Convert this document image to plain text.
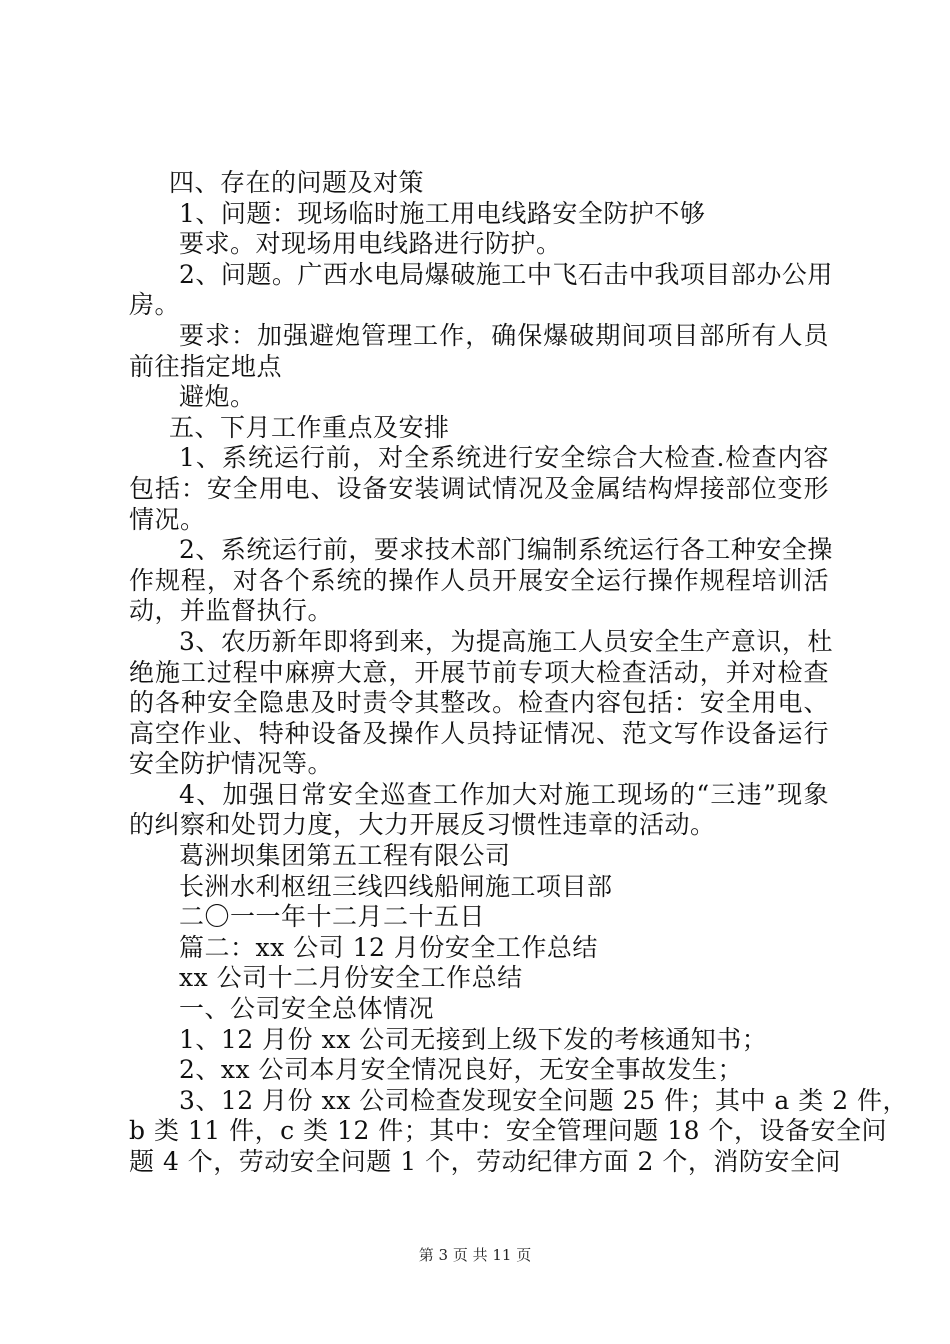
四、存在的问题及对策
1、问题：现场临时施工用电线路安全防护不够
要求。对现场用电线路进行防护。
2、问题。广西水电局爆破施工中飞石击中我项目部办公用
房。
要求：加强避炮管理工作，确保爆破期间项目部所有人员
前往指定地点
避炮。
五、下月工作重点及安排
1、系统运行前，对全系统进行安全综合大检查.检查内容
包括：安全用电、设备安装调试情况及金属结构焊接部位变形
情况。
2、系统运行前，要求技术部门编制系统运行各工种安全操
作规程，对各个系统的操作人员开展安全运行操作规程培训活
动，并监督执行。
3、农历新年即将到来，为提高施工人员安全生产意识，杜
绝施工过程中麻痹大意，开展节前专项大检查活动，并对检查
的各种安全隐患及时责令其整改。检查内容包括：安全用电、
高空作业、特种设备及操作人员持证情况、范文写作设备运行
安全防护情况等。
4、加强日常安全巡查工作加大对施工现场的“三违”现象
的纠察和处罚力度，大力开展反习惯性违章的活动。
葛洲坝集团第五工程有限公司
长洲水利枢纽三线四线船闸施工项目部
二〇一一年十二月二十五日
篇二：xx 公司 12 月份安全工作总结
xx 公司十二月份安全工作总结
一、公司安全总体情况
1、12 月份 xx 公司无接到上级下发的考核通知书；
2、xx 公司本月安全情况良好，无安全事故发生；
3、12 月份 xx 公司检查发现安全问题 25 件；其中 a 类 2 件，
b 类 11 件，c 类 12 件；其中：安全管理问题 18 个，设备安全问
题 4 个，劳动安全问题 1 个，劳动纪律方面 2 个，消防安全问
第 3 页 共 11 页
